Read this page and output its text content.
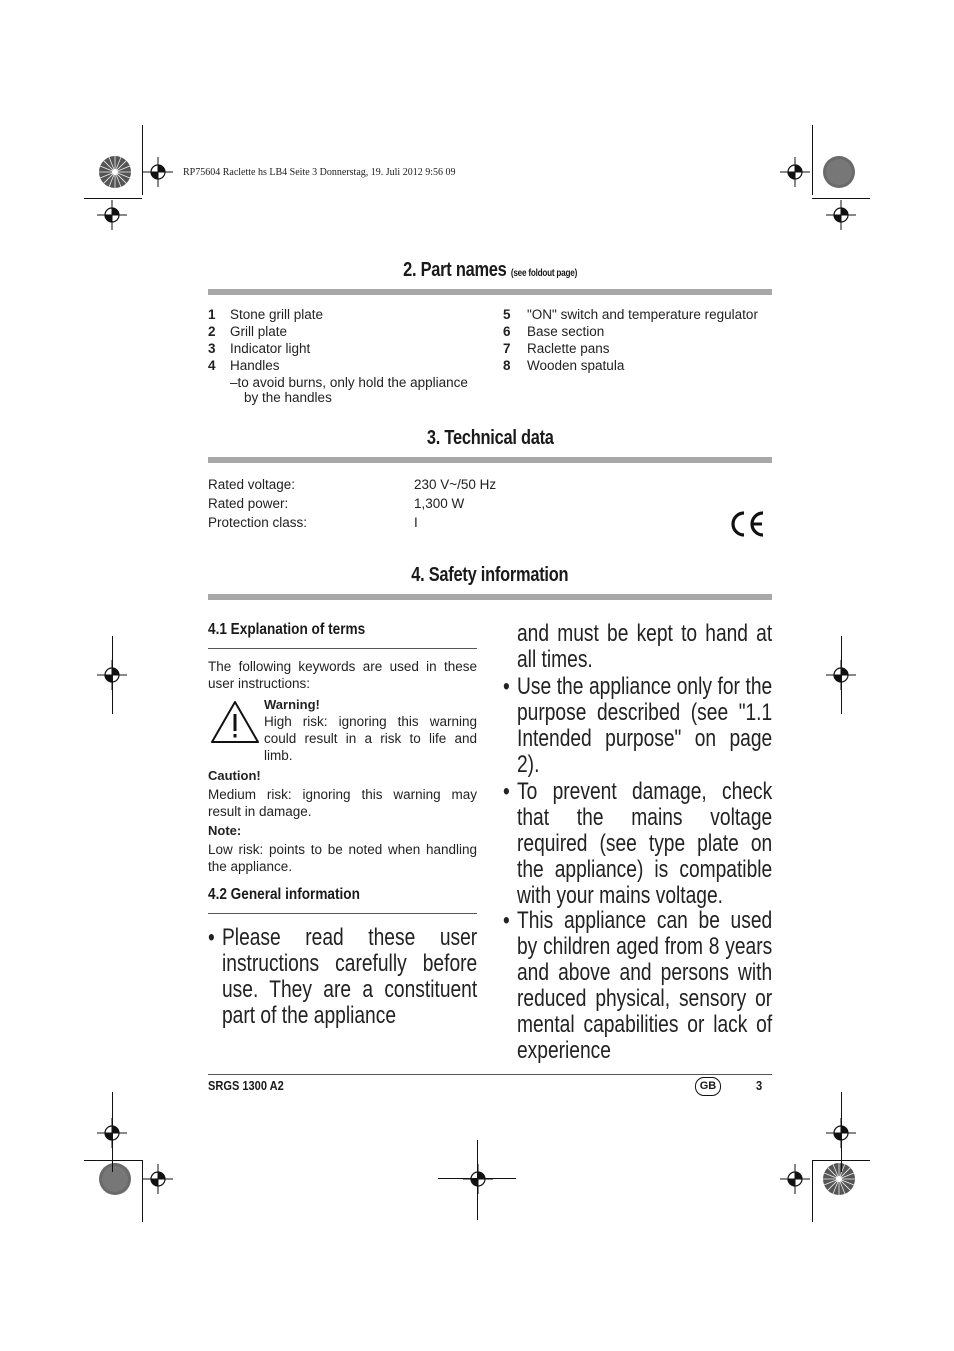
RP75604 Raclette hs LB4 Seite 3 Donnerstag, 19. Juli 2012 9:56 09
2. Part names (see foldout page)
1 Stone grill plate
2 Grill plate
3 Indicator light
4 Handles
–to avoid burns, only hold the appliance
by the handles
5 "ON" switch and temperature regulator
6 Base section
7 Raclette pans
8 Wooden spatula
3. Technical data
Rated voltage:	230 V~/50 Hz
Rated power:	1,300 W
Protection class:	I
4. Safety information
4.1 Explanation of terms
The following keywords are used in these user instructions:
Warning!
High risk: ignoring this warning could result in a risk to life and limb.
Caution!
Medium risk: ignoring this warning may result in damage.
Note:
Low risk: points to be noted when handling the appliance.
4.2 General information
• Please read these user instructions carefully before use. They are a constituent part of the appliance
and must be kept to hand at all times.
• Use the appliance only for the purpose described (see "1.1 Intended purpose" on page 2).
• To prevent damage, check that the mains voltage required (see type plate on the appliance) is compatible with your mains voltage.
• This appliance can be used by children aged from 8 years and above and persons with reduced physical, sensory or mental capabilities or lack of experience
SRGS 1300 A2	GB	3
